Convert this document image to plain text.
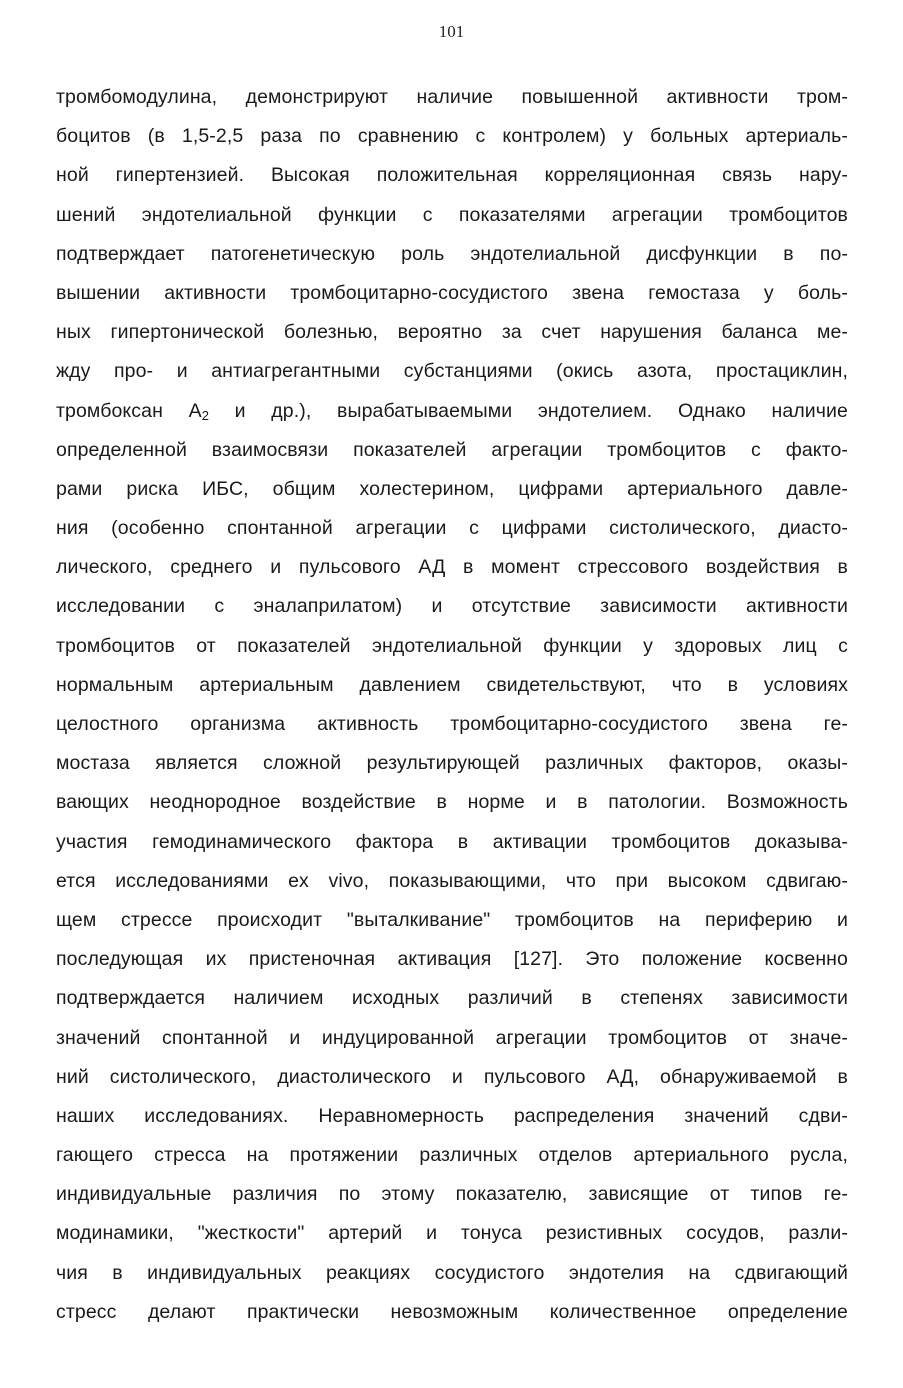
101
тромбомодулина, демонстрируют наличие повышенной активности тром-
боцитов (в 1,5-2,5 раза по сравнению с контролем) у больных артериаль-
ной гипертензией. Высокая положительная корреляционная связь нару-
шений эндотелиальной функции с показателями агрегации тромбоцитов
подтверждает патогенетическую роль эндотелиальной дисфункции в по-
вышении активности тромбоцитарно-сосудистого звена гемостаза у боль-
ных гипертонической болезнью, вероятно за счет нарушения баланса ме-
жду про- и антиагрегантными субстанциями (окись азота, простациклин,
тромбоксан $А_2$ и др.), вырабатываемыми эндотелием. Однако наличие
определенной взаимосвязи показателей агрегации тромбоцитов с факто-
рами риска ИБС, общим холестерином, цифрами артериального давле-
ния (особенно спонтанной агрегации с цифрами систолического, диасто-
лического, среднего и пульсового АД в момент стрессового воздействия в
исследовании с эналаприлатом) и отсутствие зависимости активности
тромбоцитов от показателей эндотелиальной функции у здоровых лиц с
нормальным артериальным давлением свидетельствуют, что в условиях
целостного организма активность тромбоцитарно-сосудистого звена ге-
мостаза является сложной результирующей различных факторов, оказы-
вающих неоднородное воздействие в норме и в патологии. Возможность
участия гемодинамического фактора в активации тромбоцитов доказыва-
ется исследованиями ex vivo, показывающими, что при высоком сдвигаю-
щем стрессе происходит "выталкивание" тромбоцитов на периферию и
последующая их пристеночная активация [127]. Это положение косвенно
подтверждается наличием исходных различий в степенях зависимости
значений спонтанной и индуцированной агрегации тромбоцитов от значе-
ний систолического, диастолического и пульсового АД, обнаруживаемой в
наших исследованиях. Неравномерность распределения значений сдви-
гающего стресса на протяжении различных отделов артериального русла,
индивидуальные различия по этому показателю, зависящие от типов ге-
модинамики, "жесткости" артерий и тонуса резистивных сосудов, разли-
чия в индивидуальных реакциях сосудистого эндотелия на сдвигающий
стресс делают практически невозможным количественное определение
